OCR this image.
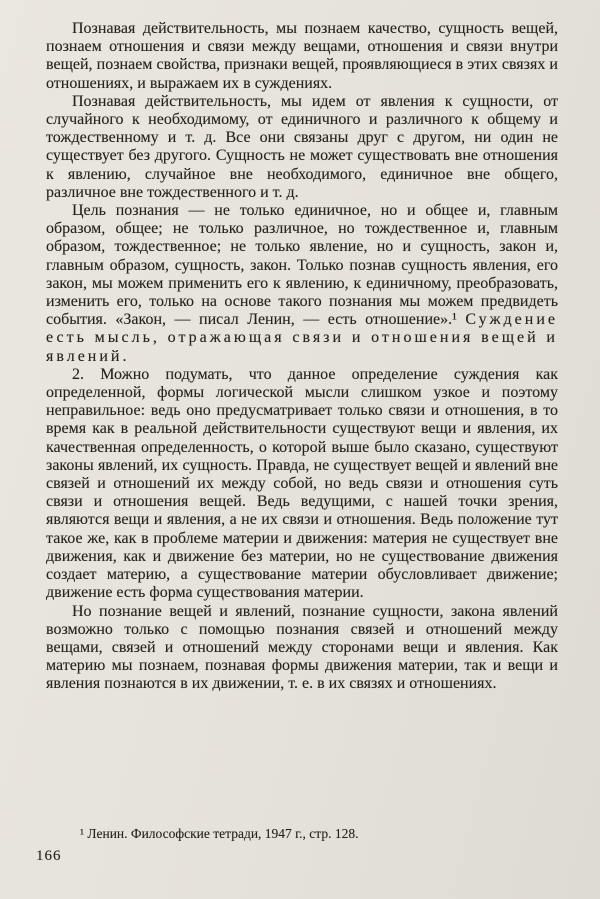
Познавая действительность, мы познаем качество, сущность вещей, познаем отношения и связи между вещами, отношения и связи внутри вещей, познаем свойства, признаки вещей, проявляющиеся в этих связях и отношениях, и выражаем их в суждениях.

Познавая действительность, мы идем от явления к сущности, от случайного к необходимому, от единичного и различного к общему и тождественному и т. д. Все они связаны друг с другом, ни один не существует без другого. Сущность не может существовать вне отношения к явлению, случайное вне необходимого, единичное вне общего, различное вне тождественного и т. д.

Цель познания — не только единичное, но и общее и, главным образом, общее; не только различное, но тождественное и, главным образом, тождественное; не только явление, но и сущность, закон и, главным образом, сущность, закон. Только познав сущность явления, его закон, мы можем применить его к явлению, к единичному, преобразовать, изменить его, только на основе такого познания мы можем предвидеть события. «Закон, — писал Ленин, — есть отношение».¹ Суждение есть мысль, отражающая связи и отношения вещей и явлений.

2. Можно подумать, что данное определение суждения как определенной, формы логической мысли слишком узкое и поэтому неправильное: ведь оно предусматривает только связи и отношения, в то время как в реальной действительности существуют вещи и явления, их качественная определенность, о которой выше было сказано, существуют законы явлений, их сущность. Правда, не существует вещей и явлений вне связей и отношений их между собой, но ведь связи и отношения суть связи и отношения вещей. Ведь ведущими, с нашей точки зрения, являются вещи и явления, а не их связи и отношения. Ведь положение тут такое же, как в проблеме материи и движения: материя не существует вне движения, как и движение без материи, но не существование движения создает материю, а существование материи обусловливает движение; движение есть форма существования материи.

Но познание вещей и явлений, познание сущности, закона явлений возможно только с помощью познания связей и отношений между вещами, связей и отношений между сторонами вещи и явления. Как материю мы познаем, познавая формы движения материи, так и вещи и явления познаются в их движении, т. е. в их связях и отношениях.

¹ Ленин. Философские тетради, 1947 г., стр. 128.
166
